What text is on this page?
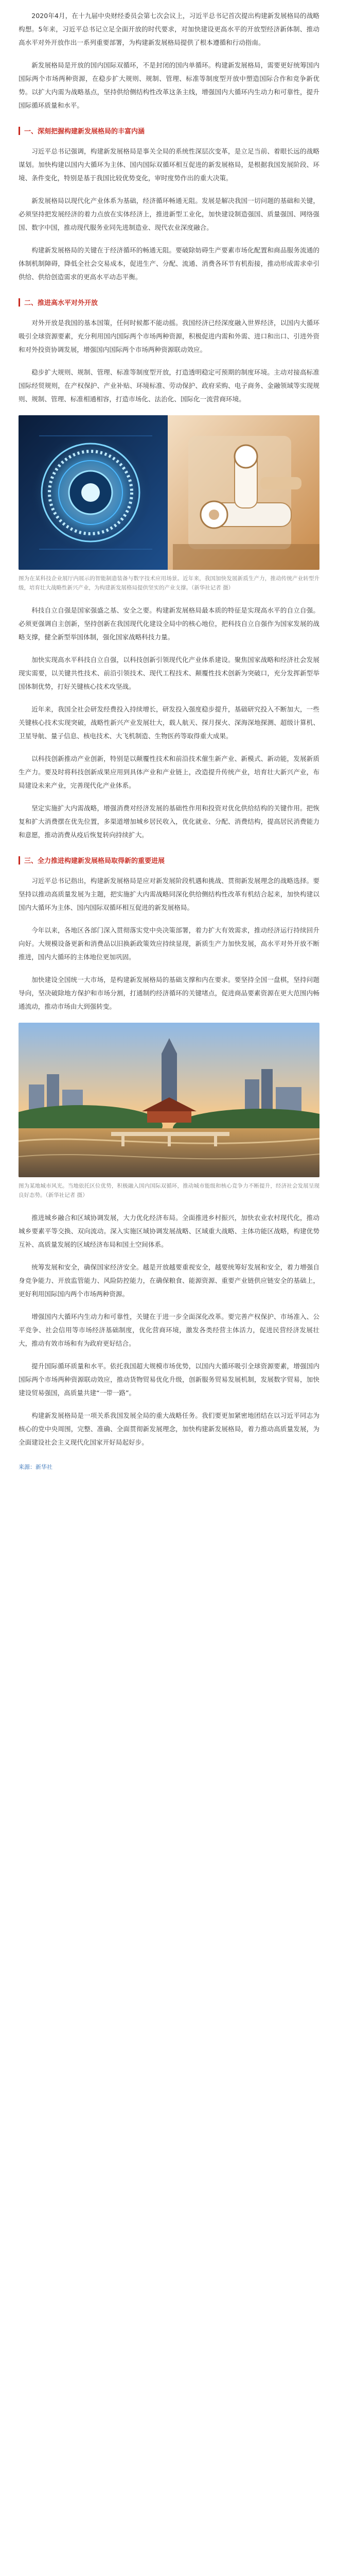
2020年4月，在十九届中央财经委员会第七次会议上，习近平总书记首次提出构建新发展格局的战略构想。5年来，习近平总书记立足全面开放的时代要求，对加快建设更高水平的开放型经济新体制、推动高水平对外开放作出一系列重要部署，为构建新发展格局提供了根本遵循和行动指南。

新发展格局是开放的国内国际双循环，不是封闭的国内单循环。构建新发展格局，需要更好统筹国内国际两个市场两种资源，在稳步扩大规则、规制、管理、标准等制度型开放中塑造国际合作和竞争新优势。以扩大内需为战略基点，坚持供给侧结构性改革这条主线，增强国内大循环内生动力和可靠性，提升国际循环质量和水平。

一、深刻把握构建新发展格局的丰富内涵

习近平总书记强调，构建新发展格局是事关全局的系统性深层次变革，是立足当前、着眼长远的战略谋划。加快构建以国内大循环为主体、国内国际双循环相互促进的新发展格局，是根据我国发展阶段、环境、条件变化，特别是基于我国比较优势变化，审时度势作出的重大决策。

新发展格局以现代化产业体系为基础，经济循环畅通无阻。发展是解决我国一切问题的基础和关键，必须坚持把发展经济的着力点放在实体经济上，推进新型工业化，加快建设制造强国、质量强国、网络强国、数字中国，推动现代服务业同先进制造业、现代农业深度融合。

构建新发展格局的关键在于经济循环的畅通无阻。要破除妨碍生产要素市场化配置和商品服务流通的体制机制障碍，降低全社会交易成本，促进生产、分配、流通、消费各环节有机衔接，推动形成需求牵引供给、供给创造需求的更高水平动态平衡。

二、推进高水平对外开放

对外开放是我国的基本国策，任何时候都不能动摇。我国经济已经深度融入世界经济，以国内大循环吸引全球资源要素，充分利用国内国际两个市场两种资源，积极促进内需和外需、进口和出口、引进外资和对外投资协调发展，增强国内国际两个市场两种资源联动效应。

稳步扩大规则、规制、管理、标准等制度型开放，打造透明稳定可预期的制度环境。主动对接高标准国际经贸规则，在产权保护、产业补贴、环境标准、劳动保护、政府采购、电子商务、金融领域等实现规则、规制、管理、标准相通相容，打造市场化、法治化、国际化一流营商环境。

图为在某科技企业展厅内展示的智能制造装备与数字技术应用场景。近年来，我国加快发展新质生产力，推动传统产业转型升级，培育壮大战略性新兴产业，为构建新发展格局提供坚实的产业支撑。（新华社记者 摄）

科技自立自强是国家强盛之基、安全之要。构建新发展格局最本质的特征是实现高水平的自立自强。必须更强调自主创新，坚持创新在我国现代化建设全局中的核心地位，把科技自立自强作为国家发展的战略支撑，健全新型举国体制，强化国家战略科技力量。

加快实现高水平科技自立自强，以科技创新引领现代化产业体系建设。聚焦国家战略和经济社会发展现实需要，以关键共性技术、前沿引领技术、现代工程技术、颠覆性技术创新为突破口，充分发挥新型举国体制优势，打好关键核心技术攻坚战。

近年来，我国全社会研发经费投入持续增长，研发投入强度稳步提升，基础研究投入不断加大，一些关键核心技术实现突破，战略性新兴产业发展壮大，载人航天、探月探火、深海深地探测、超级计算机、卫星导航、量子信息、核电技术、大飞机制造、生物医药等取得重大成果。

以科技创新推动产业创新，特别是以颠覆性技术和前沿技术催生新产业、新模式、新动能，发展新质生产力。要及时将科技创新成果应用到具体产业和产业链上，改造提升传统产业，培育壮大新兴产业，布局建设未来产业，完善现代化产业体系。

坚定实施扩大内需战略，增强消费对经济发展的基础性作用和投资对优化供给结构的关键作用。把恢复和扩大消费摆在优先位置，多渠道增加城乡居民收入，优化就业、分配、消费结构，提高居民消费能力和意愿，推动消费从疫后恢复转向持续扩大。

三、全力推进构建新发展格局取得新的重要进展

习近平总书记指出，构建新发展格局是应对新发展阶段机遇和挑战、贯彻新发展理念的战略选择。要坚持以推动高质量发展为主题，把实施扩大内需战略同深化供给侧结构性改革有机结合起来，加快构建以国内大循环为主体、国内国际双循环相互促进的新发展格局。

今年以来，各地区各部门深入贯彻落实党中央决策部署，着力扩大有效需求，推动经济运行持续回升向好。大规模设备更新和消费品以旧换新政策效应持续显现，新质生产力加快发展，高水平对外开放不断推进，国内大循环的主体地位更加巩固。

加快建设全国统一大市场，是构建新发展格局的基础支撑和内在要求。要坚持全国一盘棋，坚持问题导向，坚决破除地方保护和市场分割，打通制约经济循环的关键堵点，促进商品要素资源在更大范围内畅通流动，推动市场由大到强转变。

图为某地城市风光。当地依托区位优势，积极融入国内国际双循环，推动城市能级和核心竞争力不断提升，经济社会发展呈现良好态势。（新华社记者 摄）

推进城乡融合和区域协调发展，大力优化经济布局。全面推进乡村振兴，加快农业农村现代化，推动城乡要素平等交换、双向流动。深入实施区域协调发展战略、区域重大战略、主体功能区战略，构建优势互补、高质量发展的区域经济布局和国土空间体系。

统筹发展和安全，确保国家经济安全。越是开放越要重视安全，越要统筹好发展和安全，着力增强自身竞争能力、开放监管能力、风险防控能力，在确保粮食、能源资源、重要产业链供应链安全的基础上，更好利用国际国内两个市场两种资源。

增强国内大循环内生动力和可靠性，关键在于进一步全面深化改革。要完善产权保护、市场准入、公平竞争、社会信用等市场经济基础制度，优化营商环境，激发各类经营主体活力，促进民营经济发展壮大，推动有效市场和有为政府更好结合。

提升国际循环质量和水平。依托我国超大规模市场优势，以国内大循环吸引全球资源要素，增强国内国际两个市场两种资源联动效应，推动货物贸易优化升级，创新服务贸易发展机制，发展数字贸易，加快建设贸易强国，高质量共建“一带一路”。

构建新发展格局是一项关系我国发展全局的重大战略任务。我们要更加紧密地团结在以习近平同志为核心的党中央周围，完整、准确、全面贯彻新发展理念，加快构建新发展格局，着力推动高质量发展，为全面建设社会主义现代化国家开好局起好步。

来源：新华社
